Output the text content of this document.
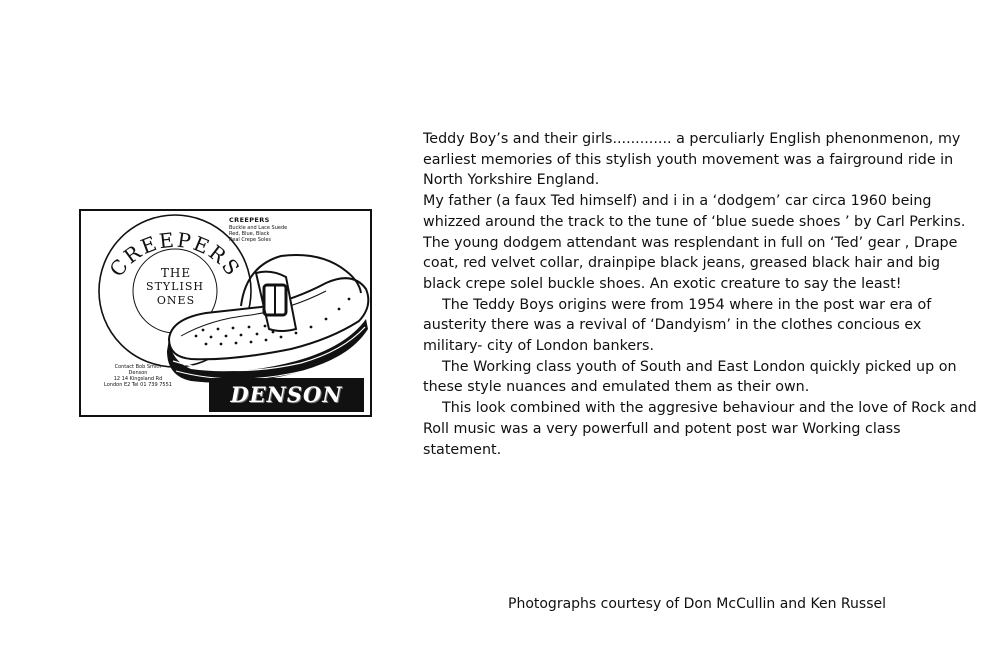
CREEPERS
THE
STYLISH
ONES
CREEPERS
Buckle and Lace Suede
Red, Blue, Black
Real Crepe Soles
Contact Bob Smith
Denson
12 14 Kingsland Rd
London E2 Tel 01 739 7551	DENSON

Teddy Boy’s and their girls............. a perculiarly English phenonmenon, my earliest memories of this stylish youth movement was a fairground ride in North Yorkshire England.

My father (a faux Ted himself) and i in a ‘dodgem’ car circa 1960 being whizzed around the track to the tune of ‘blue suede shoes ’ by Carl Perkins. The young dodgem attendant was resplendant in full on ‘Ted’ gear , Drape coat, red velvet collar, drainpipe black jeans, greased black hair and big black crepe solel buckle shoes. An exotic creature to say the least!

The Teddy Boys origins were from 1954 where in the post war era of austerity there was a revival of ‘Dandyism’ in the clothes concious ex military- city of London bankers.

The Working class youth of South and East London quickly picked up on these style nuances and emulated them as their own.

This look combined with the aggresive behaviour and the love of Rock and Roll music was a very powerfull and potent post war Working class statement.

Photographs courtesy of Don McCullin and Ken Russel
